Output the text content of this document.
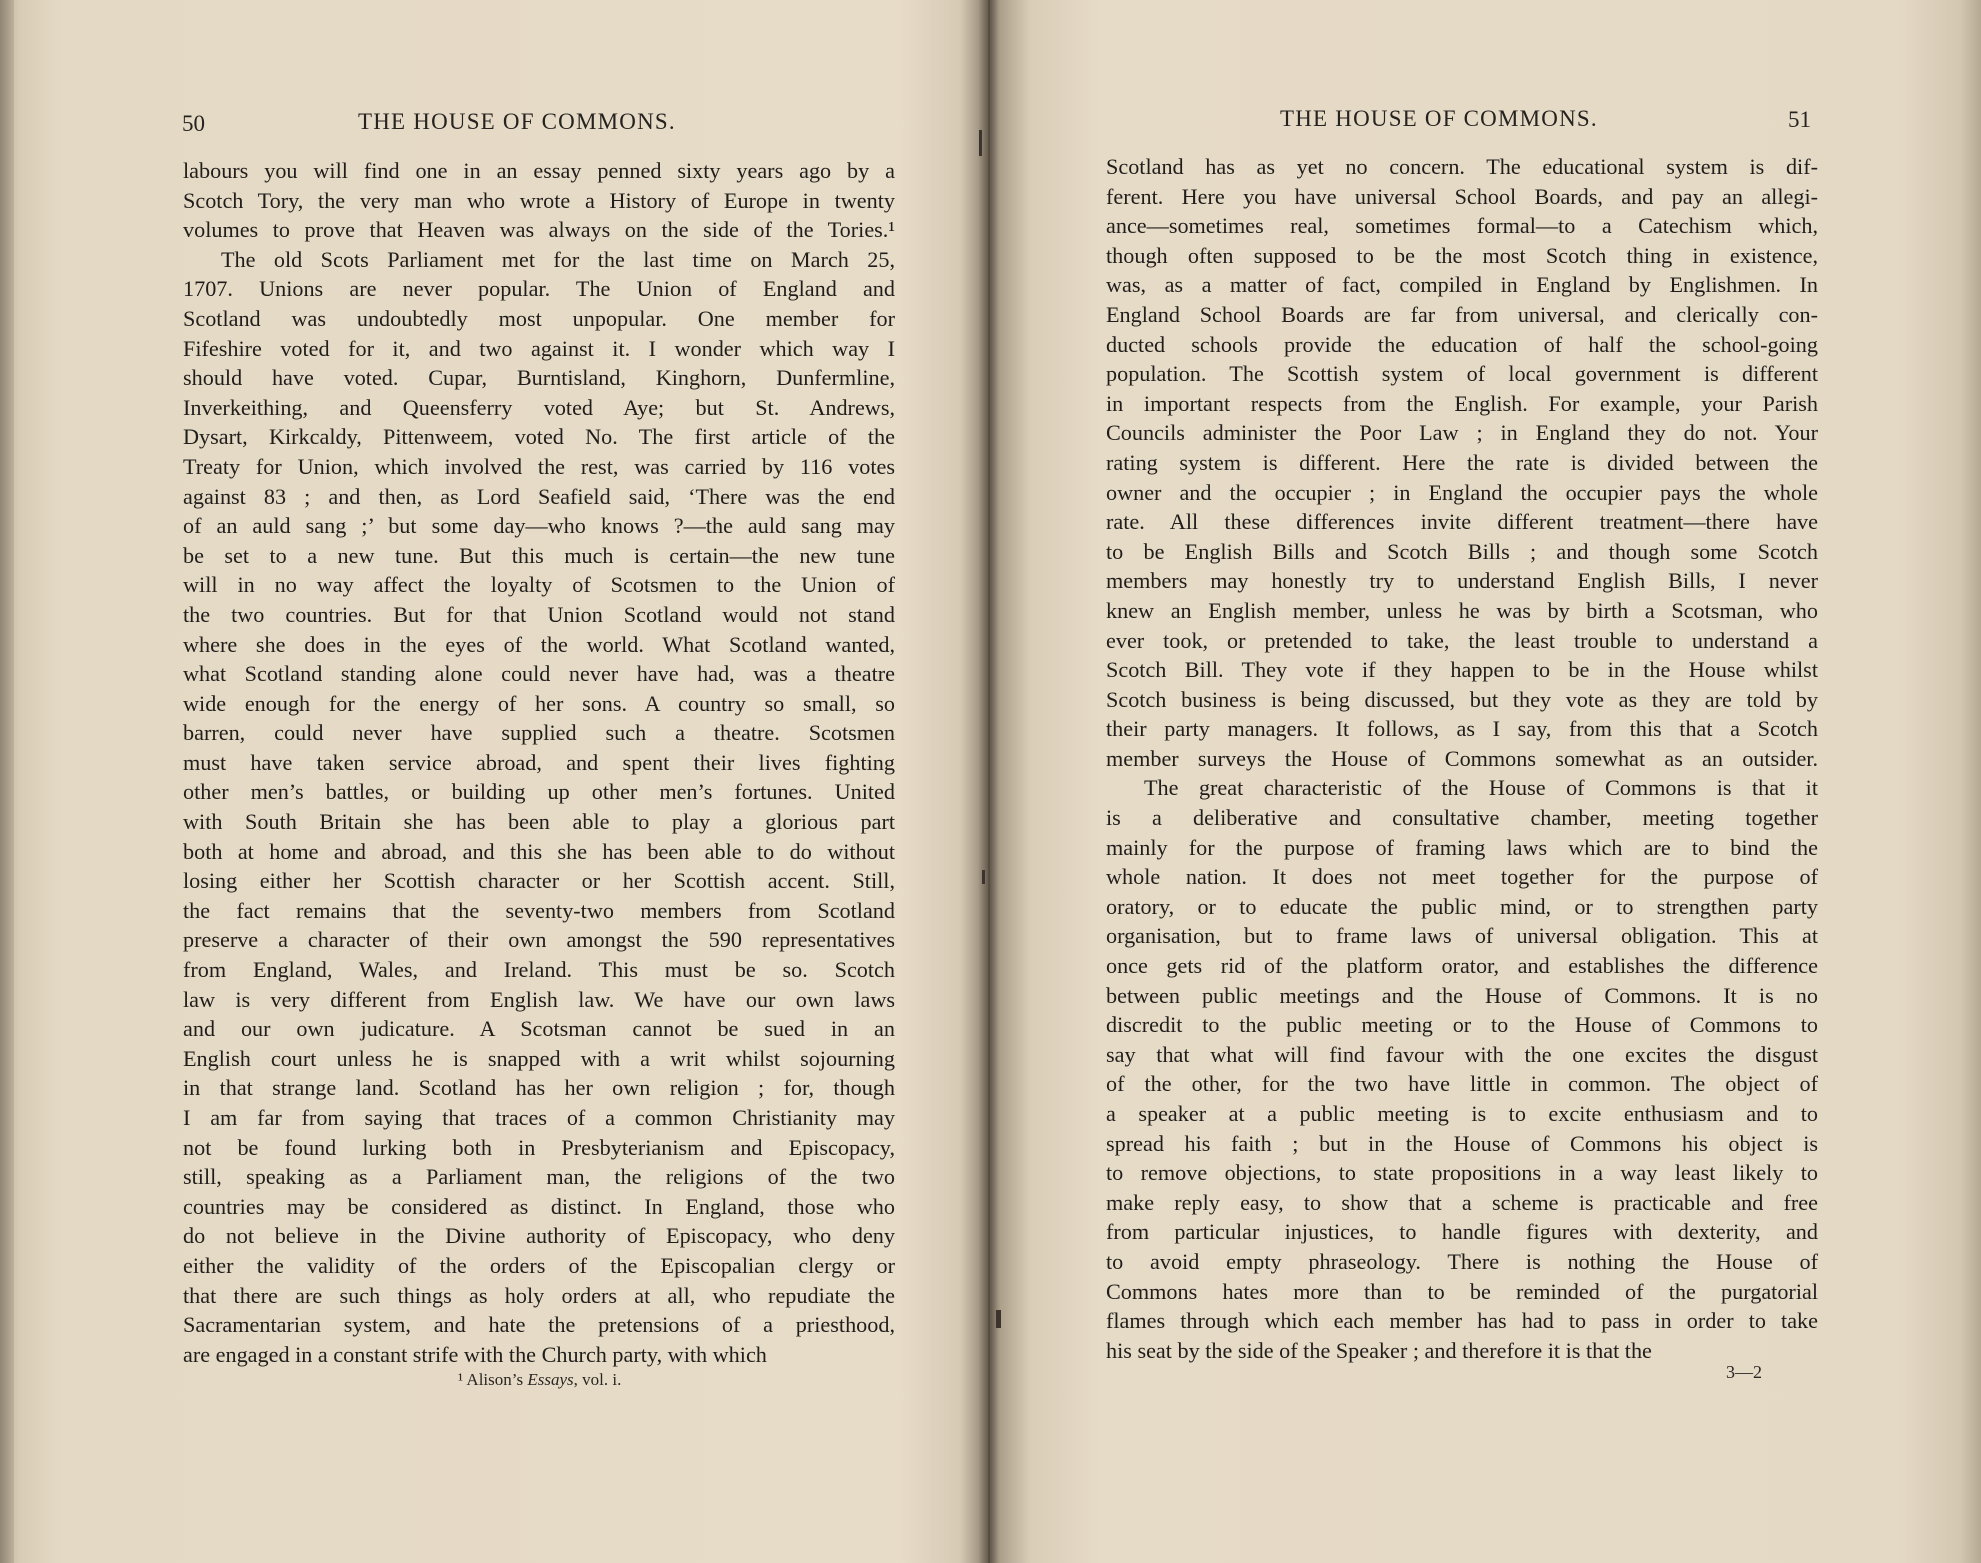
50	THE HOUSE OF COMMONS.
labours you will find one in an essay penned sixty years ago by a
Scotch Tory, the very man who wrote a History of Europe in twenty
volumes to prove that Heaven was always on the side of the Tories.¹
The old Scots Parliament met for the last time on March 25,
1707. Unions are never popular. The Union of England and
Scotland was undoubtedly most unpopular. One member for
Fifeshire voted for it, and two against it. I wonder which way I
should have voted. Cupar, Burntisland, Kinghorn, Dunfermline,
Inverkeithing, and Queensferry voted Aye; but St. Andrews,
Dysart, Kirkcaldy, Pittenweem, voted No. The first article of the
Treaty for Union, which involved the rest, was carried by 116 votes
against 83 ; and then, as Lord Seafield said, ‘There was the end
of an auld sang ;’ but some day—who knows ?—the auld sang may
be set to a new tune. But this much is certain—the new tune
will in no way affect the loyalty of Scotsmen to the Union of
the two countries. But for that Union Scotland would not stand
where she does in the eyes of the world. What Scotland wanted,
what Scotland standing alone could never have had, was a theatre
wide enough for the energy of her sons. A country so small, so
barren, could never have supplied such a theatre. Scotsmen
must have taken service abroad, and spent their lives fighting
other men’s battles, or building up other men’s fortunes. United
with South Britain she has been able to play a glorious part
both at home and abroad, and this she has been able to do without
losing either her Scottish character or her Scottish accent. Still,
the fact remains that the seventy-two members from Scotland
preserve a character of their own amongst the 590 representatives
from England, Wales, and Ireland. This must be so. Scotch
law is very different from English law. We have our own laws
and our own judicature. A Scotsman cannot be sued in an
English court unless he is snapped with a writ whilst sojourning
in that strange land. Scotland has her own religion ; for, though
I am far from saying that traces of a common Christianity may
not be found lurking both in Presbyterianism and Episcopacy,
still, speaking as a Parliament man, the religions of the two
countries may be considered as distinct. In England, those who
do not believe in the Divine authority of Episcopacy, who deny
either the validity of the orders of the Episcopalian clergy or
that there are such things as holy orders at all, who repudiate the
Sacramentarian system, and hate the pretensions of a priesthood,
are engaged in a constant strife with the Church party, with which
¹ Alison’s Essays, vol. i.
THE HOUSE OF COMMONS.	51
Scotland has as yet no concern. The educational system is dif-
ferent. Here you have universal School Boards, and pay an allegi-
ance—sometimes real, sometimes formal—to a Catechism which,
though often supposed to be the most Scotch thing in existence,
was, as a matter of fact, compiled in England by Englishmen. In
England School Boards are far from universal, and clerically con-
ducted schools provide the education of half the school-going
population. The Scottish system of local government is different
in important respects from the English. For example, your Parish
Councils administer the Poor Law ; in England they do not. Your
rating system is different. Here the rate is divided between the
owner and the occupier ; in England the occupier pays the whole
rate. All these differences invite different treatment—there have
to be English Bills and Scotch Bills ; and though some Scotch
members may honestly try to understand English Bills, I never
knew an English member, unless he was by birth a Scotsman, who
ever took, or pretended to take, the least trouble to understand a
Scotch Bill. They vote if they happen to be in the House whilst
Scotch business is being discussed, but they vote as they are told by
their party managers. It follows, as I say, from this that a Scotch
member surveys the House of Commons somewhat as an outsider.
The great characteristic of the House of Commons is that it
is a deliberative and consultative chamber, meeting together
mainly for the purpose of framing laws which are to bind the
whole nation. It does not meet together for the purpose of
oratory, or to educate the public mind, or to strengthen party
organisation, but to frame laws of universal obligation. This at
once gets rid of the platform orator, and establishes the difference
between public meetings and the House of Commons. It is no
discredit to the public meeting or to the House of Commons to
say that what will find favour with the one excites the disgust
of the other, for the two have little in common. The object of
a speaker at a public meeting is to excite enthusiasm and to
spread his faith ; but in the House of Commons his object is
to remove objections, to state propositions in a way least likely to
make reply easy, to show that a scheme is practicable and free
from particular injustices, to handle figures with dexterity, and
to avoid empty phraseology. There is nothing the House of
Commons hates more than to be reminded of the purgatorial
flames through which each member has had to pass in order to take
his seat by the side of the Speaker ; and therefore it is that the
3—2
